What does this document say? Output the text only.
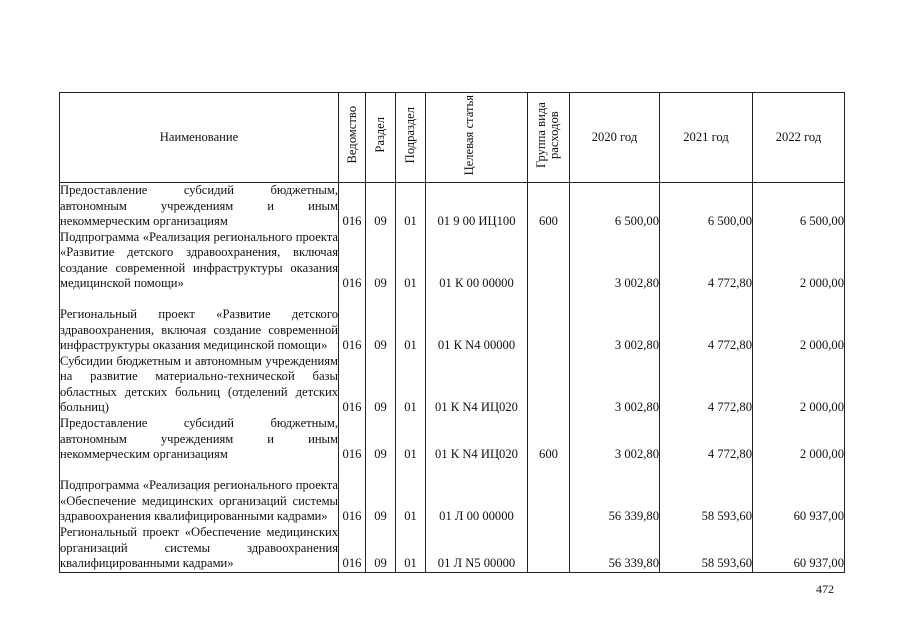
Наименование	Ведомство	Раздел	Подраздел	Целевая статья	Группа вида расходов	2020 год	2021 год	2022 год
Предоставление субсидий бюджетным, автономным учреждениям и иным некоммерческим организациям	016	09	01	01 9 00 ИЦ100	600	6 500,00	6 500,00	6 500,00
Подпрограмма «Реализация регионального проекта «Развитие детского здравоохранения, включая создание современной инфраструктуры оказания медицинской помощи»	016	09	01	01 К 00 00000		3 002,80	4 772,80	2 000,00
Региональный проект «Развитие детского здравоохранения, включая создание современной инфраструктуры оказания медицинской помощи»	016	09	01	01 К N4 00000		3 002,80	4 772,80	2 000,00
Субсидии бюджетным и автономным учреждениям на развитие материально-технической базы областных детских больниц (отделений детских больниц)	016	09	01	01 К N4 ИЦ020		3 002,80	4 772,80	2 000,00
Предоставление субсидий бюджетным, автономным учреждениям и иным некоммерческим организациям	016	09	01	01 К N4 ИЦ020	600	3 002,80	4 772,80	2 000,00
Подпрограмма «Реализация регионального проекта «Обеспечение медицинских организаций системы здравоохранения квалифицированными кадрами»	016	09	01	01 Л 00 00000		56 339,80	58 593,60	60 937,00
Региональный проект «Обеспечение медицинских организаций системы здравоохранения квалифицированными кадрами»	016	09	01	01 Л N5 00000		56 339,80	58 593,60	60 937,00
472
